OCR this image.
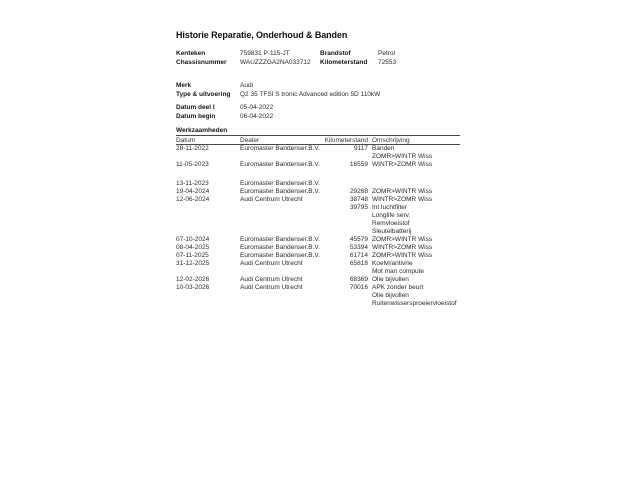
Historie Reparatie, Onderhoud & Banden
Kenteken	759831 P-115-JT	Brandstof	Petrol
Chassisnummer	WAUZZZGA2NA033712	Kilometerstand	72553
Merk	Audi
Type & uitvoering	Q2 35 TFSI S tronic Advanced edition 5D 110kW
Datum deel I	05-04-2022
Datum begin	06-04-2022
Werkzaamheden
Datum	Dealer	Kilometerstand Omschrijving
28-11-2022	Euromaster Bandenser.B.V.	9117 Banden
ZOMR>WINTR Wiss
11-05-2023	Euromaster Bandenser.B.V.	16559 WINTR>ZOMR Wiss
13-11-2023	Euromaster Bandenser.B.V.
19-04-2024	Euromaster Bandenser.B.V.	29268 ZOMR>WINTR Wiss
12-06-2024	Audi Centrum Utrecht	38748 WINTR>ZOMR Wiss
39795 Int luchtfilter
Longlife serv.
Remvloeistof
Sleutelbatterij
07-10-2024	Euromaster Bandenser.B.V.	45579 ZOMR>WINTR Wiss
08-04-2025	Euromaster Bandenser.B.V.	53394 WINTR>ZOMR Wiss
07-11-2025	Euromaster Bandenser.B.V.	61714 ZOMR>WINTR Wiss
31-12-2025	Audi Centrum Utrecht	65818 Koelvl/antivrie
Mot man compute
12-02-2026	Audi Centrum Utrecht	68369 Olie bijvullen
10-03-2026	Audi Centrum Utrecht	70016 APK zonder beurt
Olie bijvullen
Ruitenwissersproeiervloeistof
